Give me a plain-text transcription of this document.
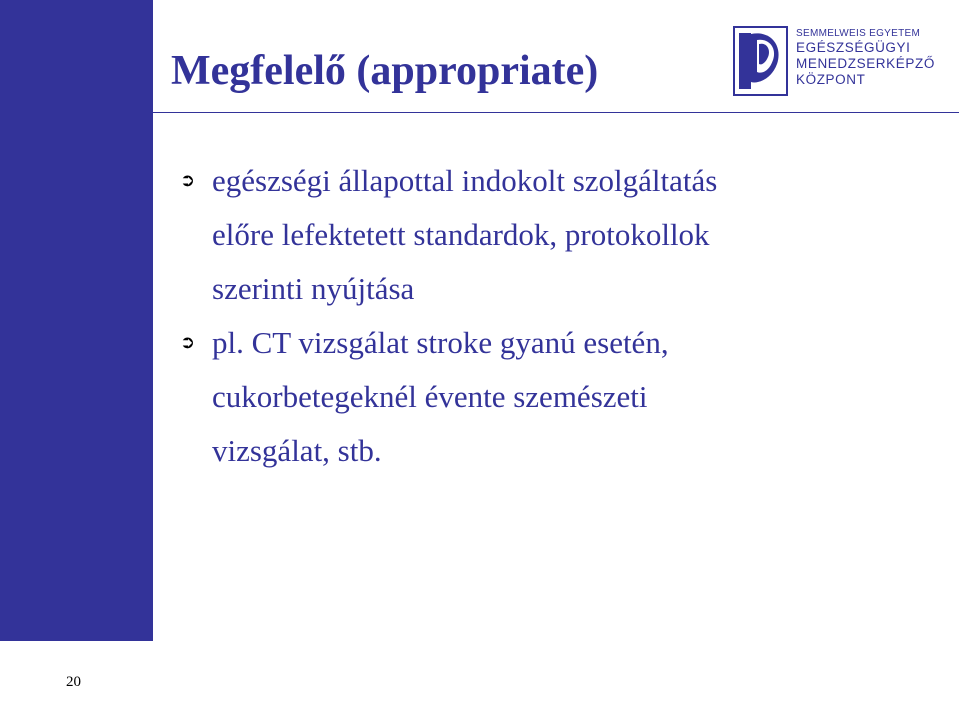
20
Megfelelő (appropriate)
SEMMELWEIS EGYETEM
EGÉSZSÉGÜGYI
MENEDZSERKÉPZŐ
KÖZPONT
➲ egészségi állapottal indokolt szolgáltatás
előre lefektetett standardok, protokollok
szerinti nyújtása
➲ pl. CT vizsgálat stroke gyanú esetén,
cukorbetegeknél évente szemészeti
vizsgálat, stb.
